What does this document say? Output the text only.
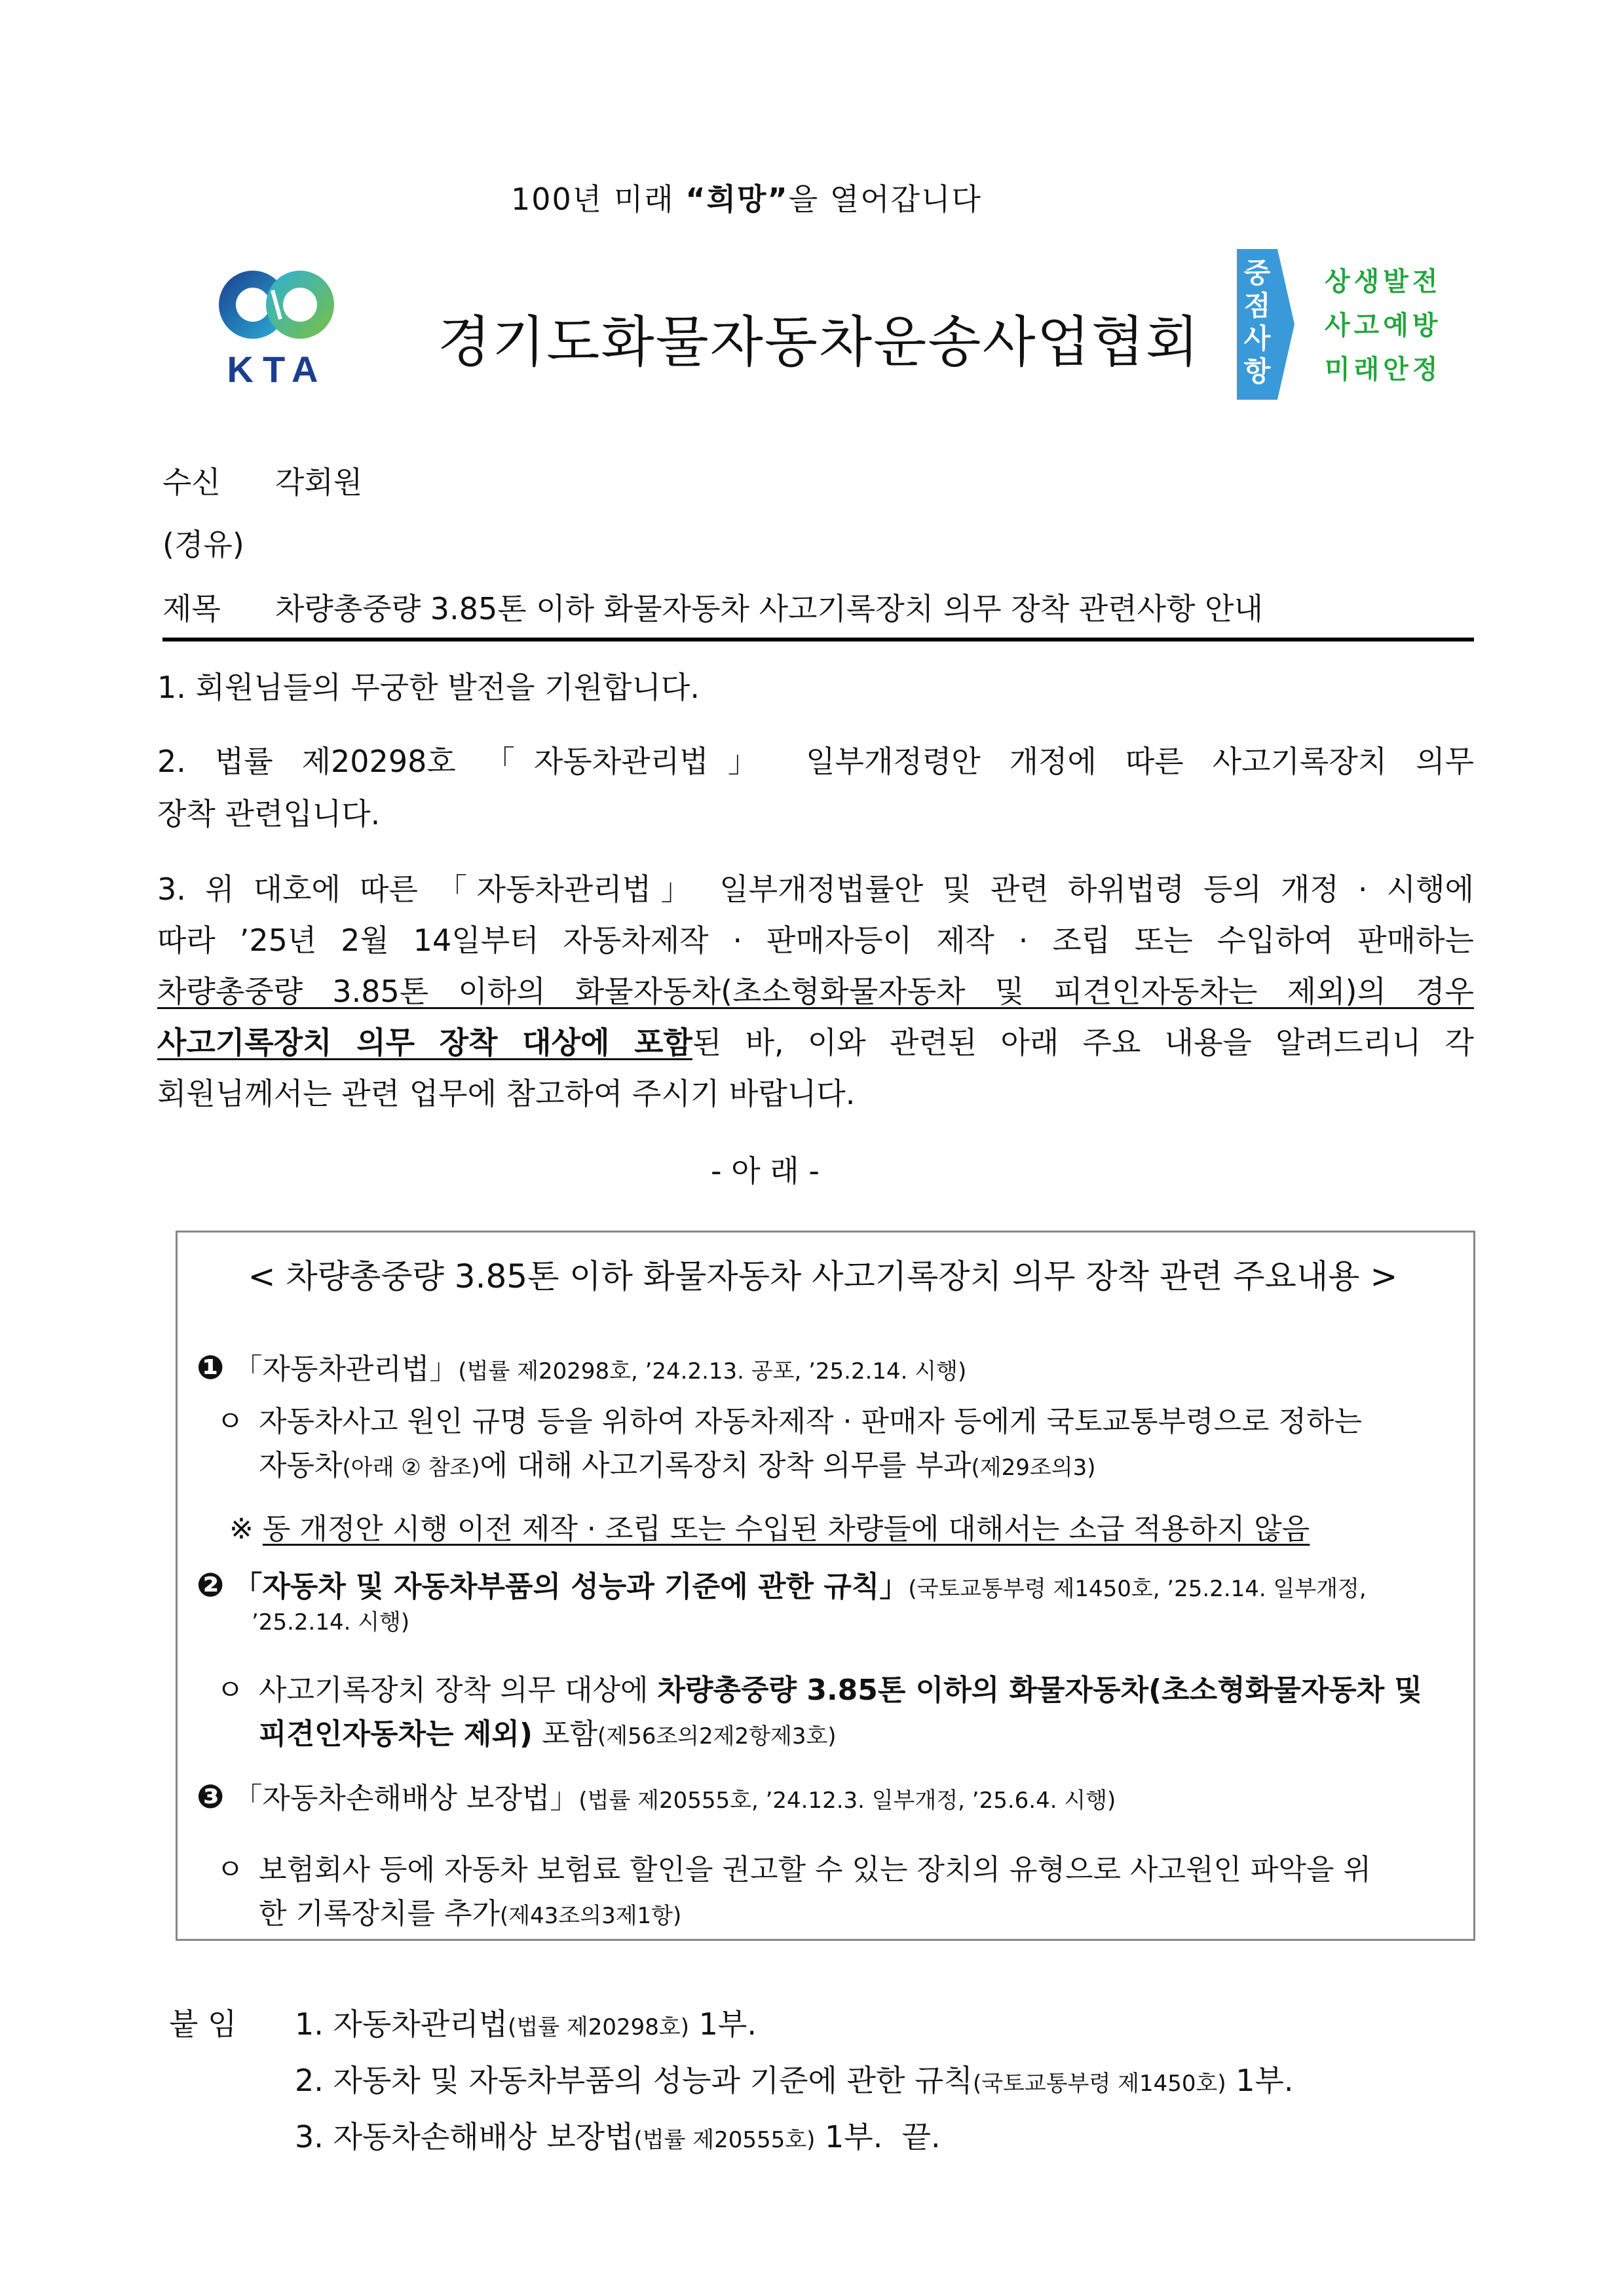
100년 미래 “희망”을 열어갑니다
KTA 경기도화물자동차운송사업협회
중
점
사
항
상생발전
사고예방
미래안정
수신 각회원
(경유)
제목 차량총중량 3.85톤 이하 화물자동차 사고기록장치 의무 장착 관련사항 안내
1. 회원님들의 무궁한 발전을 기원합니다.
2. 법률 제20298호 「자동차관리법」 일부개정령안 개정에 따른 사고기록장치 의무
장착 관련입니다.
3. 위 대호에 따른 「자동차관리법」 일부개정법률안 및 관련 하위법령 등의 개정 · 시행에
따라 ’25년 2월 14일부터 자동차제작 · 판매자등이 제작 · 조립 또는 수입하여 판매하는
차량총중량 3.85톤 이하의 화물자동차(초소형화물자동차 및 피견인자동차는 제외)의 경우
사고기록장치 의무 장착 대상에 포함된 바, 이와 관련된 아래 주요 내용을 알려드리니 각
회원님께서는 관련 업무에 참고하여 주시기 바랍니다.
- 아 래 -
< 차량총중량 3.85톤 이하 화물자동차 사고기록장치 의무 장착 관련 주요내용 >
❶ 「자동차관리법」(법률 제20298호, ’24.2.13. 공포, ’25.2.14. 시행)
ㅇ 자동차사고 원인 규명 등을 위하여 자동차제작 · 판매자 등에게 국토교통부령으로 정하는
자동차(아래 ② 참조)에 대해 사고기록장치 장착 의무를 부과(제29조의3)
※ 동 개정안 시행 이전 제작 · 조립 또는 수입된 차량들에 대해서는 소급 적용하지 않음
❷ 「자동차 및 자동차부품의 성능과 기준에 관한 규칙」(국토교통부령 제1450호, ’25.2.14. 일부개정,
’25.2.14. 시행)
ㅇ 사고기록장치 장착 의무 대상에 차량총중량 3.85톤 이하의 화물자동차(초소형화물자동차 및
피견인자동차는 제외) 포함(제56조의2제2항제3호)
❸ 「자동차손해배상 보장법」(법률 제20555호, ’24.12.3. 일부개정, ’25.6.4. 시행)
ㅇ 보험회사 등에 자동차 보험료 할인을 권고할 수 있는 장치의 유형으로 사고원인 파악을 위
한 기록장치를 추가(제43조의3제1항)
붙 임 1. 자동차관리법(법률 제20298호) 1부.
2. 자동차 및 자동차부품의 성능과 기준에 관한 규칙(국토교통부령 제1450호) 1부.
3. 자동차손해배상 보장법(법률 제20555호) 1부. 끝.
